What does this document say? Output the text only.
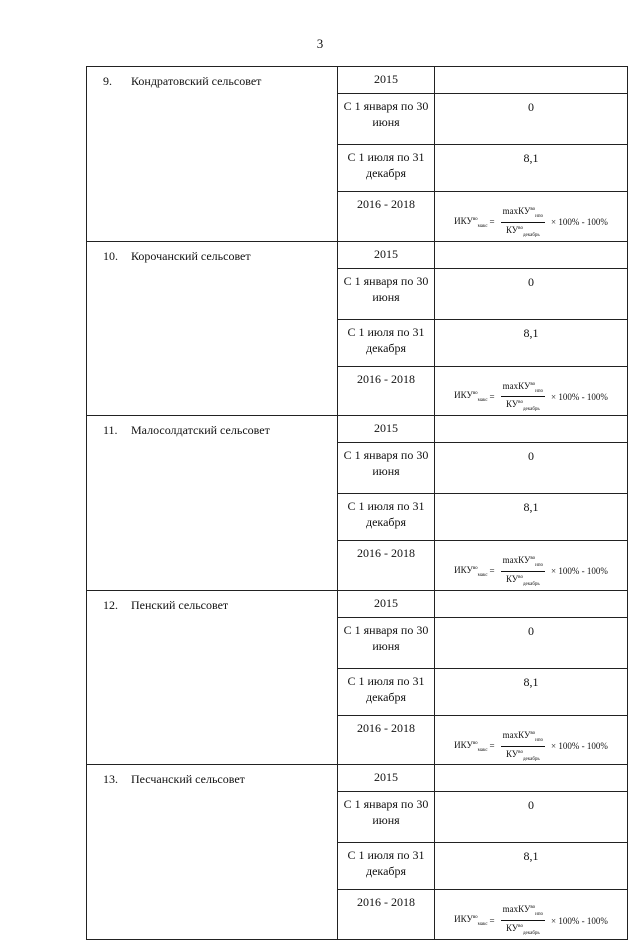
3
9. Кондратовский сельсовет	2015	
	С 1 января по 30 июня	0
	С 1 июля по 31 декабря	8,1
	2016 - 2018	$ИКУ^{во}_{макс} = \frac{\max КУ^{во}_{ипо}}{КУ^{во}_{декабрь}} \times 100\% - 100\%$

10. Корочанский сельсовет	2015	
	С 1 января по 30 июня	0
	С 1 июля по 31 декабря	8,1
	2016 - 2018	$ИКУ^{во}_{макс} = \frac{\max КУ^{во}_{ипо}}{КУ^{во}_{декабрь}} \times 100\% - 100\%$

11. Малосолдатский сельсовет	2015	
	С 1 января по 30 июня	0
	С 1 июля по 31 декабря	8,1
	2016 - 2018	$ИКУ^{во}_{макс} = \frac{\max КУ^{во}_{ипо}}{КУ^{во}_{декабрь}} \times 100\% - 100\%$

12. Пенский сельсовет	2015	
	С 1 января по 30 июня	0
	С 1 июля по 31 декабря	8,1
	2016 - 2018	$ИКУ^{во}_{макс} = \frac{\max КУ^{во}_{ипо}}{КУ^{во}_{декабрь}} \times 100\% - 100\%$

13. Песчанский сельсовет	2015	
	С 1 января по 30 июня	0
	С 1 июля по 31 декабря	8,1
	2016 - 2018	$ИКУ^{во}_{макс} = \frac{\max КУ^{во}_{ипо}}{КУ^{во}_{декабрь}} \times 100\% - 100\%$
